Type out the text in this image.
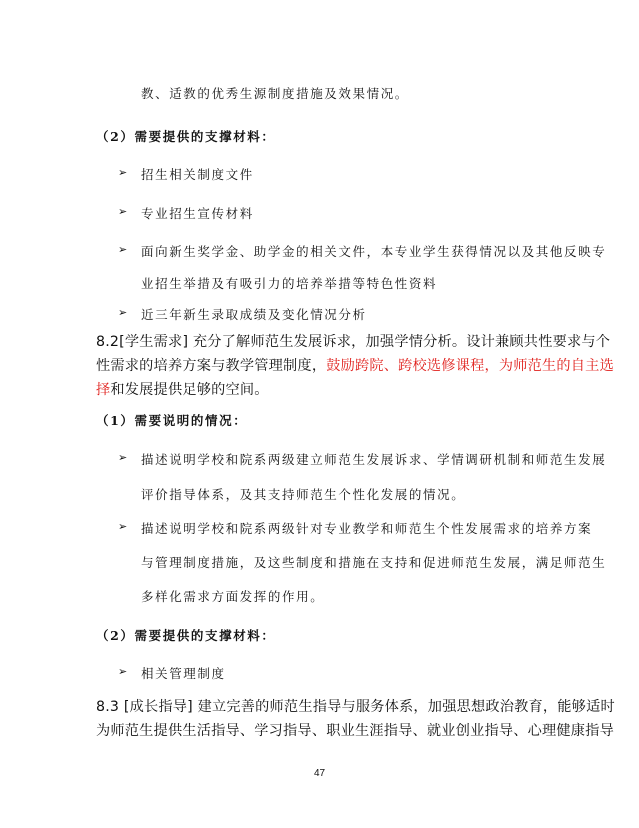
教、适教的优秀生源制度措施及效果情况。
（2）需要提供的支撑材料：
➢ 招生相关制度文件
➢ 专业招生宣传材料
➢ 面向新生奖学金、助学金的相关文件，本专业学生获得情况以及其他反映专
业招生举措及有吸引力的培养举措等特色性资料
➢ 近三年新生录取成绩及变化情况分析
8.2[学生需求] 充分了解师范生发展诉求，加强学情分析。设计兼顾共性要求与个
性需求的培养方案与教学管理制度，鼓励跨院、跨校选修课程，为师范生的自主选
择和发展提供足够的空间。
（1）需要说明的情况：
➢ 描述说明学校和院系两级建立师范生发展诉求、学情调研机制和师范生发展
评价指导体系，及其支持师范生个性化发展的情况。
➢ 描述说明学校和院系两级针对专业教学和师范生个性发展需求的培养方案
与管理制度措施，及这些制度和措施在支持和促进师范生发展，满足师范生
多样化需求方面发挥的作用。
（2）需要提供的支撑材料：
➢ 相关管理制度
8.3 [成长指导] 建立完善的师范生指导与服务体系，加强思想政治教育，能够适时
为师范生提供生活指导、学习指导、职业生涯指导、就业创业指导、心理健康指导
47
